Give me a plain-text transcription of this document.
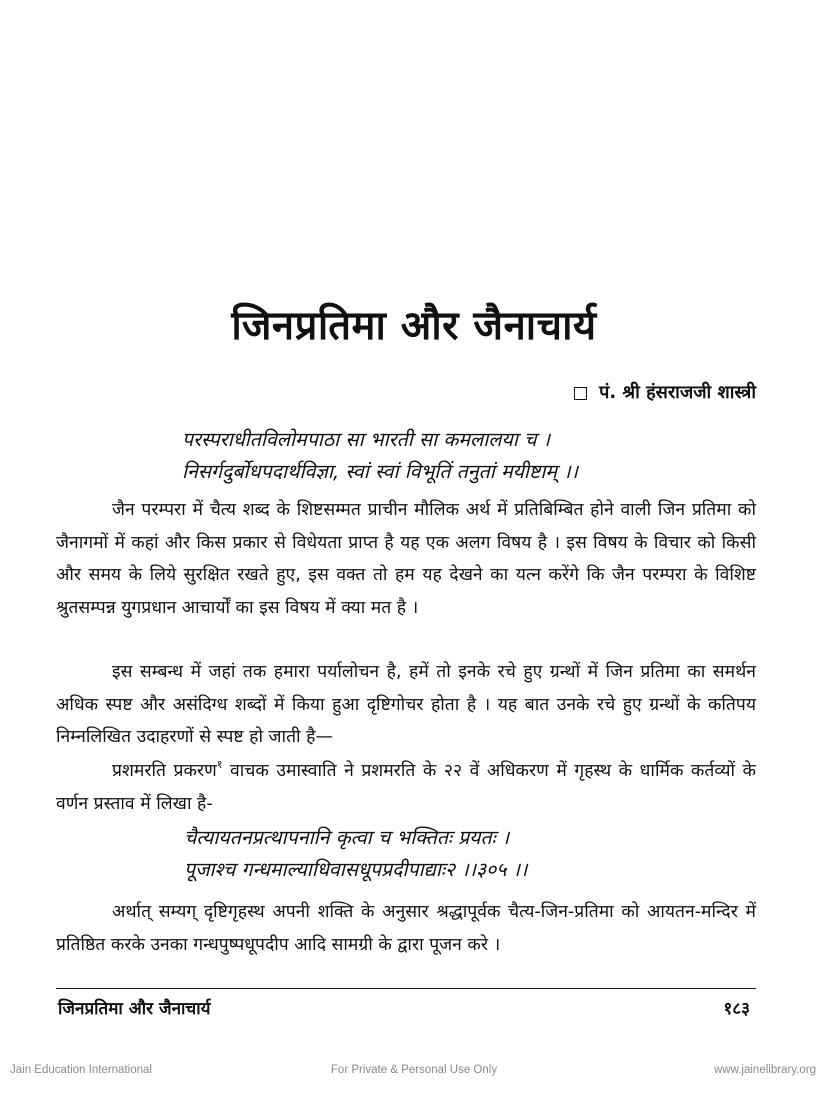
जिनप्रतिमा और जैनाचार्य
पं. श्री हंसराजजी शास्त्री
परस्पराधीतविलोमपाठा सा भारती सा कमलालया च ।
निसर्गदुर्बोधपदार्थविज्ञा, स्वां स्वां विभूतिं तनुतां मयीष्टाम् ।।
जैन परम्परा में चैत्य शब्द के शिष्टसम्मत प्राचीन मौलिक अर्थ में प्रतिबिम्बित होने वाली जिन प्रतिमा को जैनागमों में कहां और किस प्रकार से विधेयता प्राप्त है यह एक अलग विषय है । इस विषय के विचार को किसी और समय के लिये सुरक्षित रखते हुए, इस वक्त तो हम यह देखने का यत्न करेंगे कि जैन परम्परा के विशिष्ट श्रुतसम्पन्न युगप्रधान आचार्यों का इस विषय में क्या मत है ।
इस सम्बन्ध में जहां तक हमारा पर्यालोचन है, हमें तो इनके रचे हुए ग्रन्थों में जिन प्रतिमा का समर्थन अधिक स्पष्ट और असंदिग्ध शब्दों में किया हुआ दृष्टिगोचर होता है । यह बात उनके रचे हुए ग्रन्थों के कतिपय निम्नलिखित उदाहरणों से स्पष्ट हो जाती है—
प्रशमरति प्रकरण$^१$ वाचक उमास्वाति ने प्रशमरति के २२ वें अधिकरण में गृहस्थ के धार्मिक कर्तव्यों के वर्णन प्रस्ताव में लिखा है-
चैत्यायतनप्रत्थापनानि कृत्वा च भक्तितः प्रयतः ।
पूजाश्च गन्धमाल्याधिवासधूपप्रदीपाद्याः२ ।।३०५ ।।
अर्थात् सम्यग् दृष्टिगृहस्थ अपनी शक्ति के अनुसार श्रद्धापूर्वक चैत्य-जिन-प्रतिमा को आयतन-मन्दिर में प्रतिष्ठित करके उनका गन्धपुष्पधूपदीप आदि सामग्री के द्वारा पूजन करे ।
जिनप्रतिमा और जैनाचार्य	१८३
Jain Education International	For Private & Personal Use Only	www.jainelibrary.org
